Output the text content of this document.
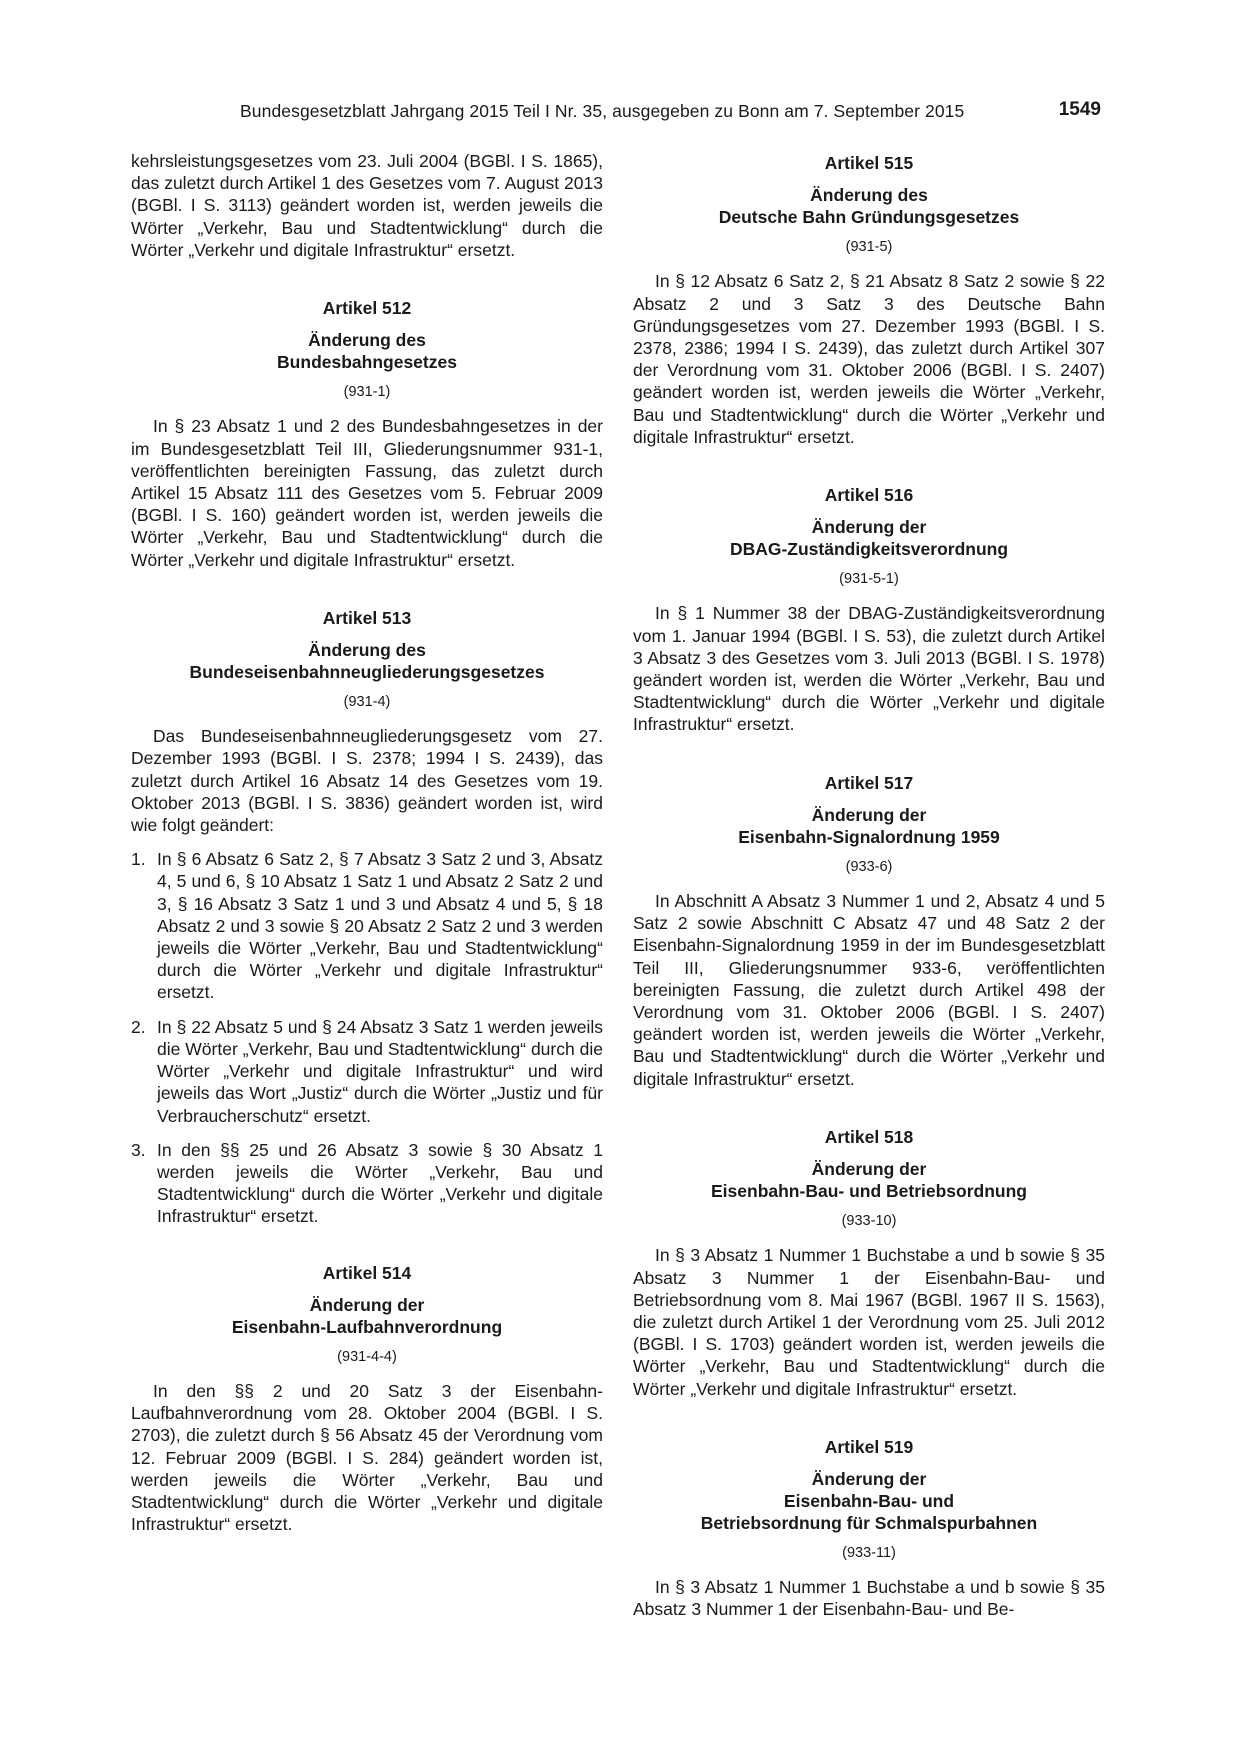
Bundesgesetzblatt Jahrgang 2015 Teil I Nr. 35, ausgegeben zu Bonn am 7. September 2015	1549

kehrsleistungsgesetzes vom 23. Juli 2004 (BGBl. I S. 1865), das zuletzt durch Artikel 1 des Gesetzes vom 7. August 2013 (BGBl. I S. 3113) geändert worden ist, werden jeweils die Wörter „Verkehr, Bau und Stadtentwicklung“ durch die Wörter „Verkehr und digitale Infrastruktur“ ersetzt.

Artikel 512
Änderung des
Bundesbahngesetzes
(931-1)

In § 23 Absatz 1 und 2 des Bundesbahngesetzes in der im Bundesgesetzblatt Teil III, Gliederungsnummer 931-1, veröffentlichten bereinigten Fassung, das zuletzt durch Artikel 15 Absatz 111 des Gesetzes vom 5. Februar 2009 (BGBl. I S. 160) geändert worden ist, werden jeweils die Wörter „Verkehr, Bau und Stadtentwicklung“ durch die Wörter „Verkehr und digitale Infrastruktur“ ersetzt.

Artikel 513
Änderung des
Bundeseisenbahnneugliederungsgesetzes
(931-4)

Das Bundeseisenbahnneugliederungsgesetz vom 27. Dezember 1993 (BGBl. I S. 2378; 1994 I S. 2439), das zuletzt durch Artikel 16 Absatz 14 des Gesetzes vom 19. Oktober 2013 (BGBl. I S. 3836) geändert worden ist, wird wie folgt geändert:

1. In § 6 Absatz 6 Satz 2, § 7 Absatz 3 Satz 2 und 3, Absatz 4, 5 und 6, § 10 Absatz 1 Satz 1 und Absatz 2 Satz 2 und 3, § 16 Absatz 3 Satz 1 und 3 und Absatz 4 und 5, § 18 Absatz 2 und 3 sowie § 20 Absatz 2 Satz 2 und 3 werden jeweils die Wörter „Verkehr, Bau und Stadtentwicklung“ durch die Wörter „Verkehr und digitale Infrastruktur“ ersetzt.
2. In § 22 Absatz 5 und § 24 Absatz 3 Satz 1 werden jeweils die Wörter „Verkehr, Bau und Stadtentwicklung“ durch die Wörter „Verkehr und digitale Infrastruktur“ und wird jeweils das Wort „Justiz“ durch die Wörter „Justiz und für Verbraucherschutz“ ersetzt.
3. In den §§ 25 und 26 Absatz 3 sowie § 30 Absatz 1 werden jeweils die Wörter „Verkehr, Bau und Stadtentwicklung“ durch die Wörter „Verkehr und digitale Infrastruktur“ ersetzt.
Artikel 514
Änderung der
Eisenbahn-Laufbahnverordnung
(931-4-4)

In den §§ 2 und 20 Satz 3 der Eisenbahn-Laufbahnverordnung vom 28. Oktober 2004 (BGBl. I S. 2703), die zuletzt durch § 56 Absatz 45 der Verordnung vom 12. Februar 2009 (BGBl. I S. 284) geändert worden ist, werden jeweils die Wörter „Verkehr, Bau und Stadtentwicklung“ durch die Wörter „Verkehr und digitale Infrastruktur“ ersetzt.

Artikel 515
Änderung des
Deutsche Bahn Gründungsgesetzes
(931-5)

In § 12 Absatz 6 Satz 2, § 21 Absatz 8 Satz 2 sowie § 22 Absatz 2 und 3 Satz 3 des Deutsche Bahn Gründungsgesetzes vom 27. Dezember 1993 (BGBl. I S. 2378, 2386; 1994 I S. 2439), das zuletzt durch Artikel 307 der Verordnung vom 31. Oktober 2006 (BGBl. I S. 2407) geändert worden ist, werden jeweils die Wörter „Verkehr, Bau und Stadtentwicklung“ durch die Wörter „Verkehr und digitale Infrastruktur“ ersetzt.

Artikel 516
Änderung der
DBAG-Zuständigkeitsverordnung
(931-5-1)

In § 1 Nummer 38 der DBAG-Zuständigkeitsverordnung vom 1. Januar 1994 (BGBl. I S. 53), die zuletzt durch Artikel 3 Absatz 3 des Gesetzes vom 3. Juli 2013 (BGBl. I S. 1978) geändert worden ist, werden die Wörter „Verkehr, Bau und Stadtentwicklung“ durch die Wörter „Verkehr und digitale Infrastruktur“ ersetzt.

Artikel 517
Änderung der
Eisenbahn-Signalordnung 1959
(933-6)

In Abschnitt A Absatz 3 Nummer 1 und 2, Absatz 4 und 5 Satz 2 sowie Abschnitt C Absatz 47 und 48 Satz 2 der Eisenbahn-Signalordnung 1959 in der im Bundesgesetzblatt Teil III, Gliederungsnummer 933-6, veröffentlichten bereinigten Fassung, die zuletzt durch Artikel 498 der Verordnung vom 31. Oktober 2006 (BGBl. I S. 2407) geändert worden ist, werden jeweils die Wörter „Verkehr, Bau und Stadtentwicklung“ durch die Wörter „Verkehr und digitale Infrastruktur“ ersetzt.

Artikel 518
Änderung der
Eisenbahn-Bau- und Betriebsordnung
(933-10)

In § 3 Absatz 1 Nummer 1 Buchstabe a und b sowie § 35 Absatz 3 Nummer 1 der Eisenbahn-Bau- und Betriebsordnung vom 8. Mai 1967 (BGBl. 1967 II S. 1563), die zuletzt durch Artikel 1 der Verordnung vom 25. Juli 2012 (BGBl. I S. 1703) geändert worden ist, werden jeweils die Wörter „Verkehr, Bau und Stadtentwicklung“ durch die Wörter „Verkehr und digitale Infrastruktur“ ersetzt.

Artikel 519
Änderung der
Eisenbahn-Bau- und
Betriebsordnung für Schmalspurbahnen
(933-11)

In § 3 Absatz 1 Nummer 1 Buchstabe a und b sowie § 35 Absatz 3 Nummer 1 der Eisenbahn-Bau- und Be-
